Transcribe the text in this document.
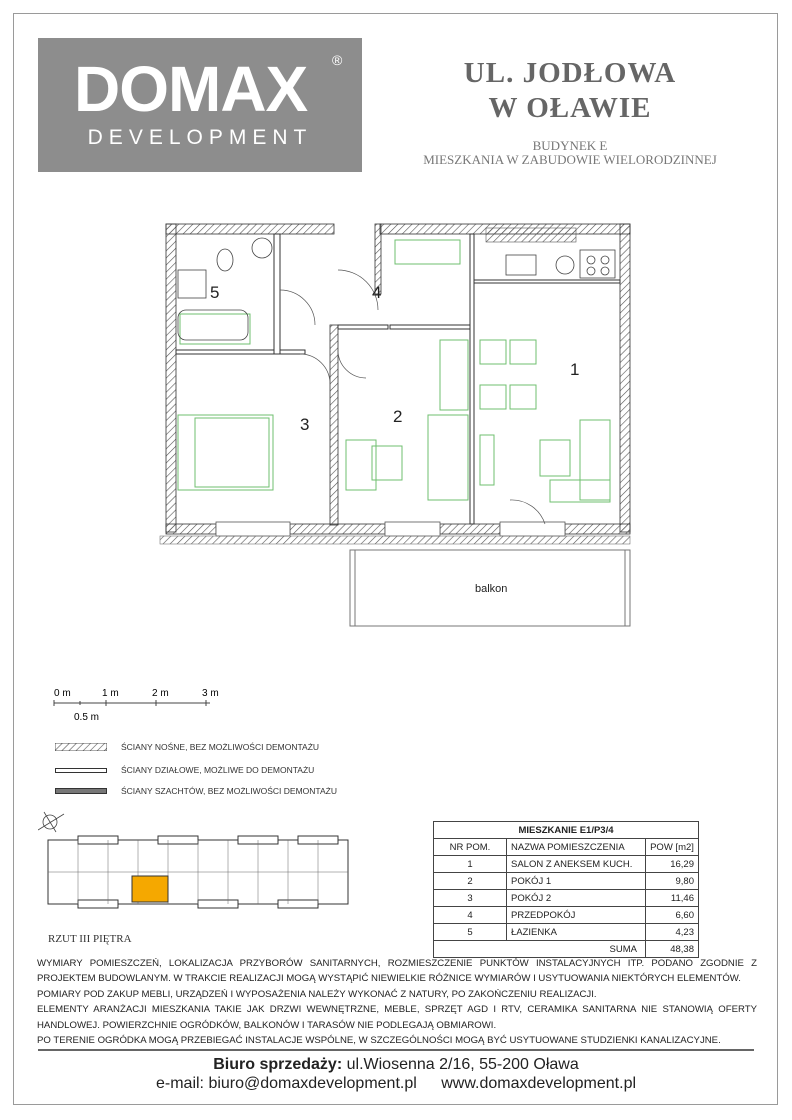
DOMAX ®
DEVELOPMENT
UL. JODŁOWA
W OŁAWIE
BUDYNEK E
MIESZKANIA W ZABUDOWIE WIELORODZINNEJ
balkon
1
2
3
4
5
0 m	1 m	2 m	3 m
0.5 m
ŚCIANY NOŚNE, BEZ MOŻLIWOŚCI DEMONTAŻU
ŚCIANY DZIAŁOWE, MOŻLIWE DO DEMONTAŻU
ŚCIANY SZACHTÓW, BEZ MOŻLIWOŚCI DEMONTAŻU
RZUT III PIĘTRA
MIESZKANIE E1/P3/4		
NR POM.	NAZWA POMIESZCZENIA	POW [m2]
1	SALON Z ANEKSEM KUCH.	16,29
2	POKÓJ 1	9,80
3	POKÓJ 2	11,46
4	PRZEDPOKÓJ	6,60
5	ŁAZIENKA	4,23
SUMA		48,38

WYMIARY POMIESZCZEŃ, LOKALIZACJA PRZYBORÓW SANITARNYCH, ROZMIESZCZENIE PUNKTÓW INSTALACYJNYCH ITP. PODANO ZGODNIE Z PROJEKTEM BUDOWLANYM. W TRAKCIE REALIZACJI MOGĄ WYSTĄPIĆ NIEWIELKIE RÓŻNICE WYMIARÓW I USYTUOWANIA NIEKTÓRYCH ELEMENTÓW.

POMIARY POD ZAKUP MEBLI, URZĄDZEŃ I WYPOSAŻENIA NALEŻY WYKONAĆ Z NATURY, PO ZAKOŃCZENIU REALIZACJI.

ELEMENTY ARANŻACJI MIESZKANIA TAKIE JAK DRZWI WEWNĘTRZNE, MEBLE, SPRZĘT AGD I RTV, CERAMIKA SANITARNA NIE STANOWIĄ OFERTY HANDLOWEJ. POWIERZCHNIE OGRÓDKÓW, BALKONÓW I TARASÓW NIE PODLEGAJĄ OBMIAROWI.

PO TERENIE OGRÓDKA MOGĄ PRZEBIEGAĆ INSTALACJE WSPÓLNE, W SZCZEGÓLNOŚCI MOGĄ BYĆ USYTUOWANE STUDZIENKI KANALIZACYJNE.

Biuro sprzedaży: ul.Wiosenna 2/16, 55-200 Oława
e-mail: biuro@domaxdevelopment.pl www.domaxdevelopment.pl
